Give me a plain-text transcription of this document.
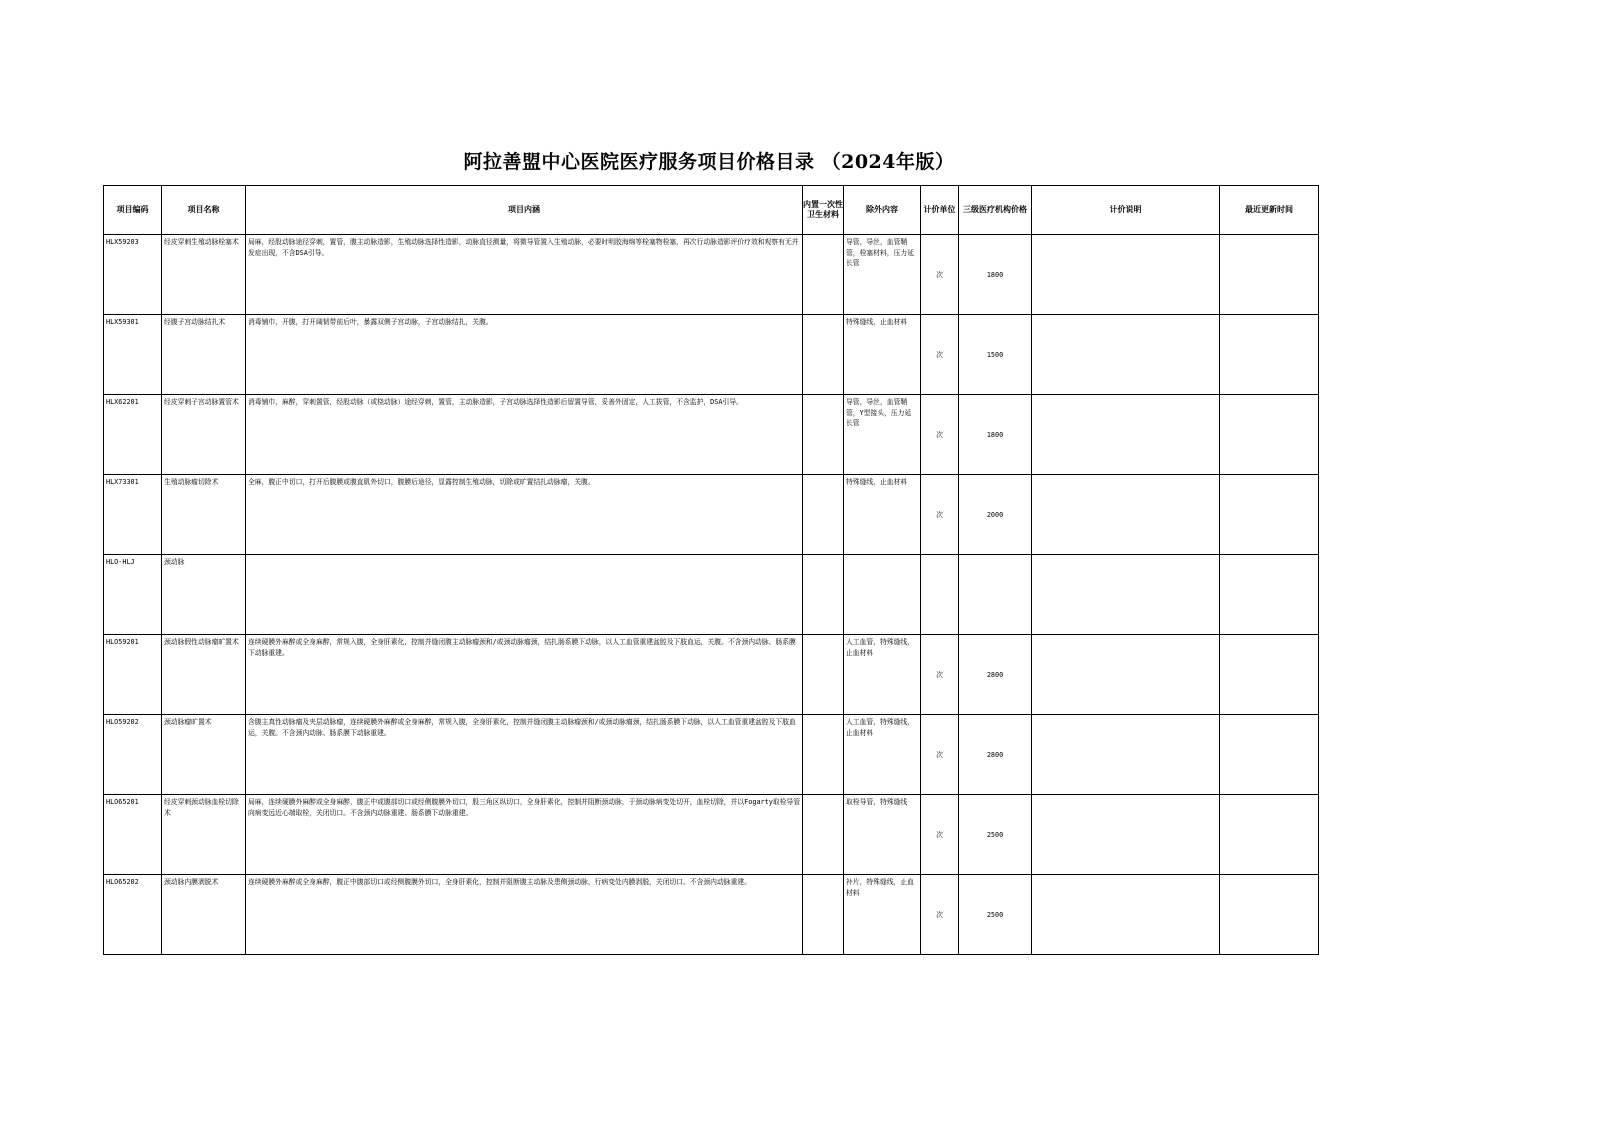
阿拉善盟中心医院医疗服务项目价格目录 （2024年版）
项目编码	项目名称	项目内涵	内置一次性卫生材料	除外内容	计价单位	三级医疗机构价格	计价说明	最近更新时间
HLX59203	经皮穿刺生殖动脉栓塞术	局麻，经股动脉途径穿刺，置管，腹主动脉造影，生殖动脉选择性造影，动脉直径测量，将微导管置入生殖动脉，必要时明胶海绵等栓塞物栓塞，再次行动脉造影评价疗效和观察有无并发症出现，不含DSA引导。		导管，导丝，血管鞘管，栓塞材料，压力延长管	次	1800		
HLX59301	经腹子宫动脉结扎术	消毒铺巾，开腹，打开阔韧带前后叶，暴露双侧子宫动脉，子宫动脉结扎，关腹。		特殊缝线，止血材料	次	1500		
HLX62201	经皮穿刺子宫动脉置管术	消毒铺巾，麻醉，穿刺置管，经股动脉（或桡动脉）途经穿刺，置管，主动脉造影，子宫动脉选择性造影后留置导管，妥善外固定，人工拔管，不含监护，DSA引导。		导管，导丝，血管鞘管，Y型接头，压力延长管	次	1800		
HLX73301	生殖动脉瘤切除术	全麻，腹正中切口，打开后腹膜或腹直肌外切口，腹膜后途径，显露控制生殖动脉，切除或旷置结扎动脉瘤，关腹。		特殊缝线，止血材料	次	2000		
HLO-HLJ	颈动脉							
HLO59201	颈动脉假性动脉瘤旷置术	连续硬膜外麻醉或全身麻醉，常规入腹，全身肝素化，控制并缝闭腹主动脉瘤颈和/或颈动脉瘤颈，结扎肠系膜下动脉，以人工血管重建盆腔及下肢血运，关腹。不含颈内动脉、肠系膜下动脉重建。		人工血管，特殊缝线，止血材料	次	2800		
HLO59202	颈动脉瘤旷置术	含腹主真性动脉瘤及夹层动脉瘤，连续硬膜外麻醉或全身麻醉，常规入腹，全身肝素化，控制并缝闭腹主动脉瘤颈和/或颈动脉瘤颈，结扎肠系膜下动脉，以人工血管重建盆腔及下肢血运，关腹。不含颈内动脉、肠系膜下动脉重建。		人工血管，特殊缝线，止血材料	次	2800		
HLO65201	经皮穿刺颈动脉血栓切除术	局麻，连续硬膜外麻醉或全身麻醉，腹正中或腹部切口或经侧腹膜外切口，股三角区纵切口，全身肝素化，控制并阻断颈动脉，于颈动脉病变处切开，血栓切除，并以Fogarty取栓导管向病变远近心端取栓，关闭切口。不含颈内动脉重建、肠系膜下动脉重建。		取栓导管，特殊缝线	次	2500		
HLO65202	颈动脉内膜剥脱术	连续硬膜外麻醉或全身麻醉，腹正中腹部切口或经侧腹膜外切口，全身肝素化，控制并阻断腹主动脉及患侧颈动脉，行病变处内膜剥脱，关闭切口。不含颈内动脉重建。		补片，特殊缝线，止血材料	次	2500		
